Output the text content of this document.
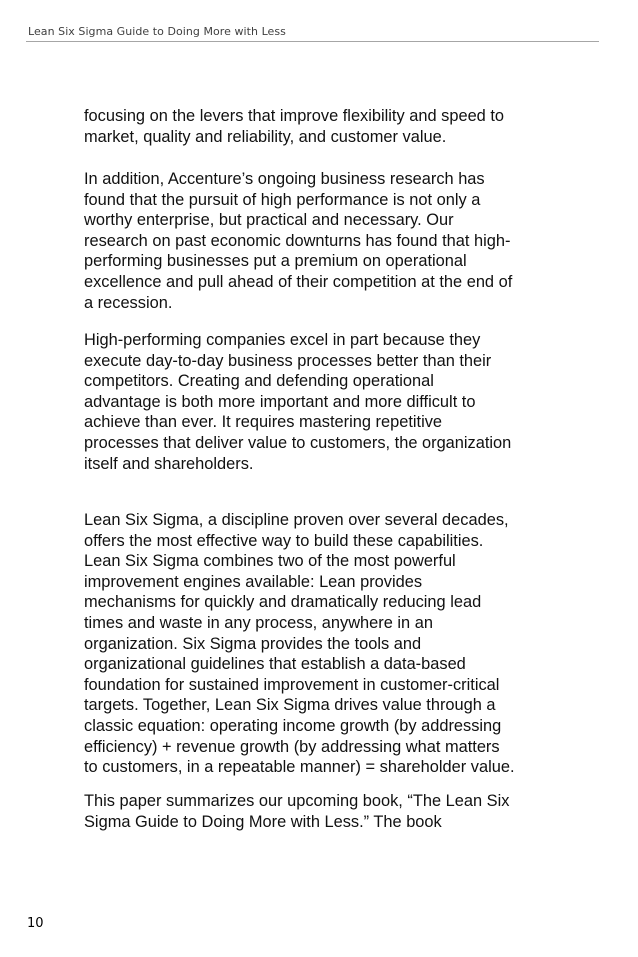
Lean Six Sigma Guide to Doing More with Less

focusing on the levers that improve flexibility and speed to
market, quality and reliability, and customer value.

In addition, Accenture’s ongoing business research has
found that the pursuit of high performance is not only a
worthy enterprise, but practical and necessary. Our
research on past economic downturns has found that high-
performing businesses put a premium on operational
excellence and pull ahead of their competition at the end of
a recession.

High-performing companies excel in part because they
execute day-to-day business processes better than their
competitors. Creating and defending operational
advantage is both more important and more difficult to
achieve than ever. It requires mastering repetitive
processes that deliver value to customers, the organization
itself and shareholders.

Lean Six Sigma, a discipline proven over several decades,
offers the most effective way to build these capabilities.
Lean Six Sigma combines two of the most powerful
improvement engines available: Lean provides
mechanisms for quickly and dramatically reducing lead
times and waste in any process, anywhere in an
organization. Six Sigma provides the tools and
organizational guidelines that establish a data-based
foundation for sustained improvement in customer-critical
targets. Together, Lean Six Sigma drives value through a
classic equation: operating income growth (by addressing
efficiency) + revenue growth (by addressing what matters
to customers, in a repeatable manner) = shareholder value.

This paper summarizes our upcoming book, “The Lean Six
Sigma Guide to Doing More with Less.” The book

10
